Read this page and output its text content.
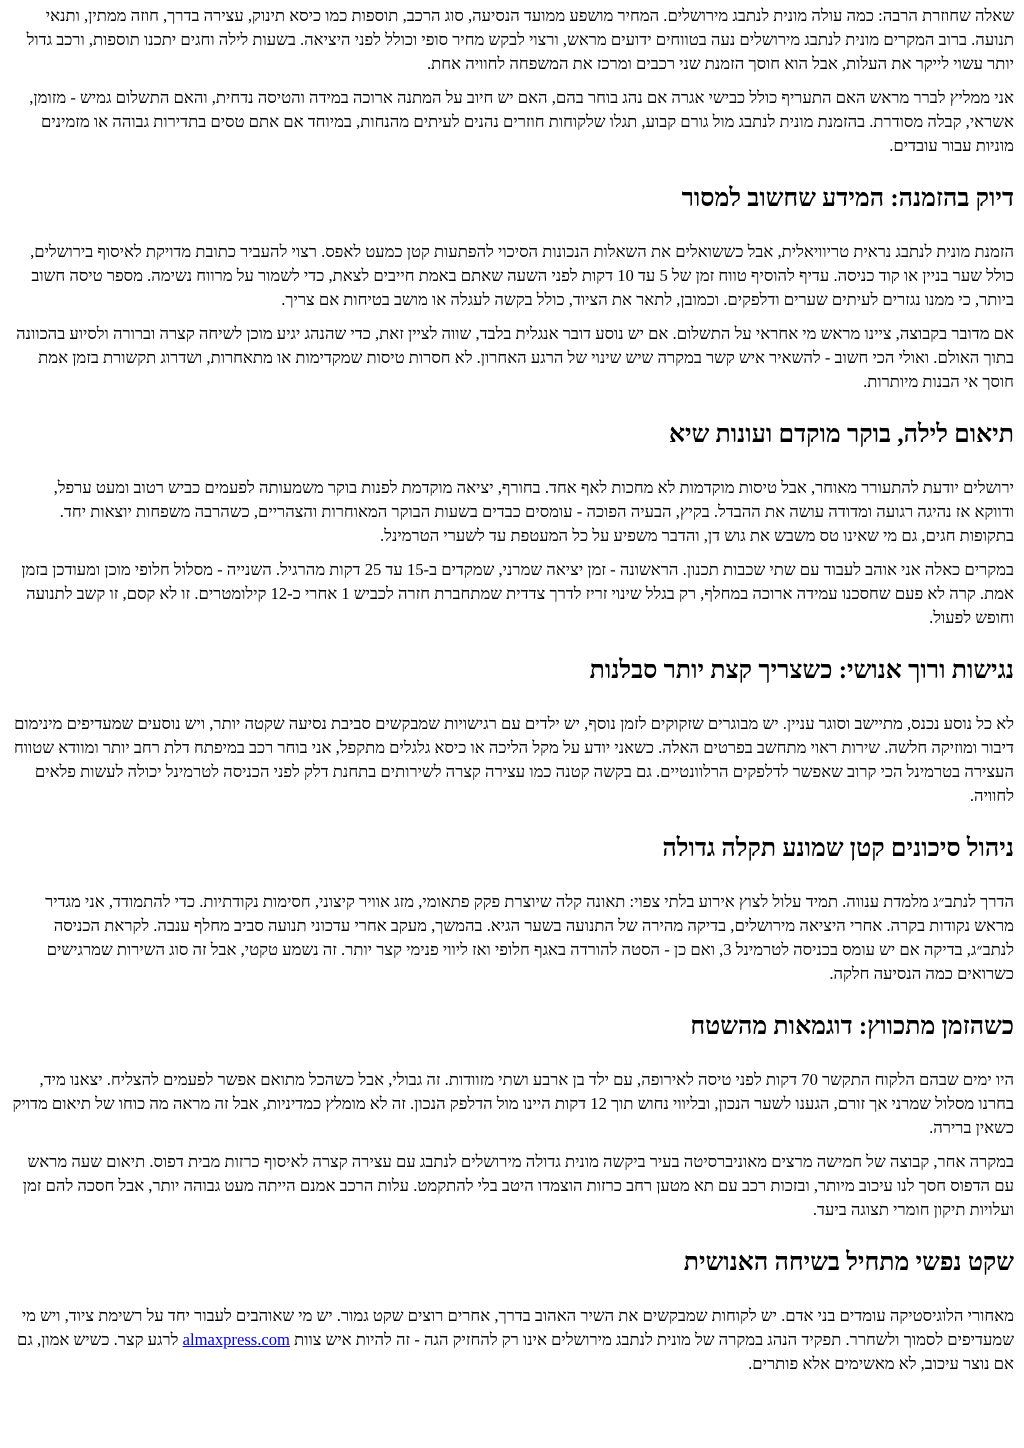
שאלה שחוזרת הרבה: כמה עולה מונית לנתבג מירושלים. המחיר מושפע ממועד הנסיעה, סוג הרכב, תוספות כמו כיסא תינוק, עצירה בדרך, חוזה ממתין, ותנאי תנועה. ברוב המקרים מונית לנתבג מירושלים נעה בטווחים ידועים מראש, ורצוי לבקש מחיר סופי וכולל לפני היציאה. בשעות לילה וחגים יתכנו תוספות, ורכב גדול יותר עשוי לייקר את העלות, אבל הוא חוסך הזמנת שני רכבים ומרכז את המשפחה לחוויה אחת.

אני ממליץ לברר מראש האם התעריף כולל כבישי אגרה אם נהג בוחר בהם, האם יש חיוב על המתנה ארוכה במידה והטיסה נדחית, והאם התשלום גמיש - מזומן, אשראי, קבלה מסודרת. בהזמנת מונית לנתבג מול גורם קבוע, תגלו שלקוחות חוזרים נהנים לעיתים מהנחות, במיוחד אם אתם טסים בתדירות גבוהה או מזמינים מוניות עבור עובדים.

דיוק בהזמנה: המידע שחשוב למסור

הזמנת מונית לנתבג נראית טריוויאלית, אבל כששואלים את השאלות הנכונות הסיכוי להפתעות קטן כמעט לאפס. רצוי להעביר כתובת מדויקת לאיסוף בירושלים, כולל שער בניין או קוד כניסה. עדיף להוסיף טווח זמן של 5 עד 10 דקות לפני השעה שאתם באמת חייבים לצאת, כדי לשמור על מרווח נשימה. מספר טיסה חשוב ביותר, כי ממנו נגזרים לעיתים שערים ודלפקים. וכמובן, לתאר את הציוד, כולל בקשה לעגלה או מושב בטיחות אם צריך.

אם מדובר בקבוצה, ציינו מראש מי אחראי על התשלום. אם יש נוסע דובר אנגלית בלבד, שווה לציין זאת, כדי שהנהג יגיע מוכן לשיחה קצרה וברורה ולסיוע בהכוונה בתוך האולם. ואולי הכי חשוב - להשאיר איש קשר במקרה שיש שינוי של הרגע האחרון. לא חסרות טיסות שמקדימות או מתאחרות, ושדרוג תקשורת בזמן אמת חוסך אי הבנות מיותרות.

תיאום לילה, בוקר מוקדם ועונות שיא

ירושלים יודעת להתעורר מאוחר, אבל טיסות מוקדמות לא מחכות לאף אחד. בחורף, יציאה מוקדמת לפנות בוקר משמעותה לפעמים כביש רטוב ומעט ערפל, ודווקא אז נהיגה רגועה ומדודה עושה את ההבדל. בקיץ, הבעיה הפוכה - עומסים כבדים בשעות הבוקר המאוחרות והצהריים, כשהרבה משפחות יוצאות יחד. בתקופות חגים, גם מי שאינו טס משבש את גוש דן, והדבר משפיע על כל המעטפת עד לשערי הטרמינל.

במקרים כאלה אני אוהב לעבוד עם שתי שכבות תכנון. הראשונה - זמן יציאה שמרני, שמקדים ב-15 עד 25 דקות מהרגיל. השנייה - מסלול חלופי מוכן ומעודכן בזמן אמת. קרה לא פעם שחסכנו עמידה ארוכה במחלף, רק בגלל שינוי זריז לדרך צדדית שמתחברת חזרה לכביש 1 אחרי כ-12 קילומטרים. זו לא קסם, זו קשב לתנועה וחופש לפעול.

נגישות ורוך אנושי: כשצריך קצת יותר סבלנות

לא כל נוסע נכנס, מתיישב וסוגר עניין. יש מבוגרים שזקוקים לזמן נוסף, יש ילדים עם רגישויות שמבקשים סביבת נסיעה שקטה יותר, ויש נוסעים שמעדיפים מינימום דיבור ומוזיקה חלשה. שירות ראוי מתחשב בפרטים האלה. כשאני יודע על מקל הליכה או כיסא גלגלים מתקפל, אני בוחר רכב במיפתח דלת רחב יותר ומוודא שטווח העצירה בטרמינל הכי קרוב שאפשר לדלפקים הרלוונטיים. גם בקשה קטנה כמו עצירה קצרה לשירותים בתחנת דלק לפני הכניסה לטרמינל יכולה לעשות פלאים לחוויה.

ניהול סיכונים קטן שמונע תקלה גדולה

הדרך לנתב״ג מלמדת ענווה. תמיד עלול לצוץ אירוע בלתי צפוי: תאונה קלה שיוצרת פקק פתאומי, מזג אוויר קיצוני, חסימות נקודתיות. כדי להתמודד, אני מגדיר מראש נקודות בקרה. אחרי היציאה מירושלים, בדיקה מהירה של התנועה בשער הגיא. בהמשך, מעקב אחרי עדכוני תנועה סביב מחלף ענבה. לקראת הכניסה לנתב״ג, בדיקה אם יש עומס בכניסה לטרמינל 3, ואם כן - הסטה להורדה באגף חלופי ואז ליווי פנימי קצר יותר. זה נשמע טקטי, אבל זה סוג השירות שמרגישים כשרואים כמה הנסיעה חלקה.

כשהזמן מתכווץ: דוגמאות מהשטח

היו ימים שבהם הלקוח התקשר 70 דקות לפני טיסה לאירופה, עם ילד בן ארבע ושתי מזוודות. זה גבולי, אבל כשהכל מתואם אפשר לפעמים להצליח. יצאנו מיד, בחרנו מסלול שמרני אך זורם, הגענו לשער הנכון, ובליווי נחוש תוך 12 דקות היינו מול הדלפק הנכון. זה לא מומלץ כמדיניות, אבל זה מראה מה כוחו של תיאום מדויק כשאין ברירה.

במקרה אחר, קבוצה של חמישה מרצים מאוניברסיטה בעיר ביקשה מונית גדולה מירושלים לנתבג עם עצירה קצרה לאיסוף כרזות מבית דפוס. תיאום שעה מראש עם הדפוס חסך לנו עיכוב מיותר, ובזכות רכב עם תא מטען רחב כרזות הוצמדו היטב בלי להתקמט. עלות הרכב אמנם הייתה מעט גבוהה יותר, אבל חסכה להם זמן ועלויות תיקון חומרי תצוגה ביעד.

שקט נפשי מתחיל בשיחה האנושית

מאחורי הלוגיסטיקה עומדים בני אדם. יש לקוחות שמבקשים את השיר האהוב בדרך, אחרים רוצים שקט גמור. יש מי שאוהבים לעבור יחד על רשימת ציוד, ויש מי שמעדיפים לסמוך ולשחרר. תפקיד הנהג במקרה של מונית לנתבג מירושלים אינו רק להחזיק הגה - זה להיות איש צוות almaxpress.com לרגע קצר. כשיש אמון, גם אם נוצר עיכוב, לא מאשימים אלא פותרים.
